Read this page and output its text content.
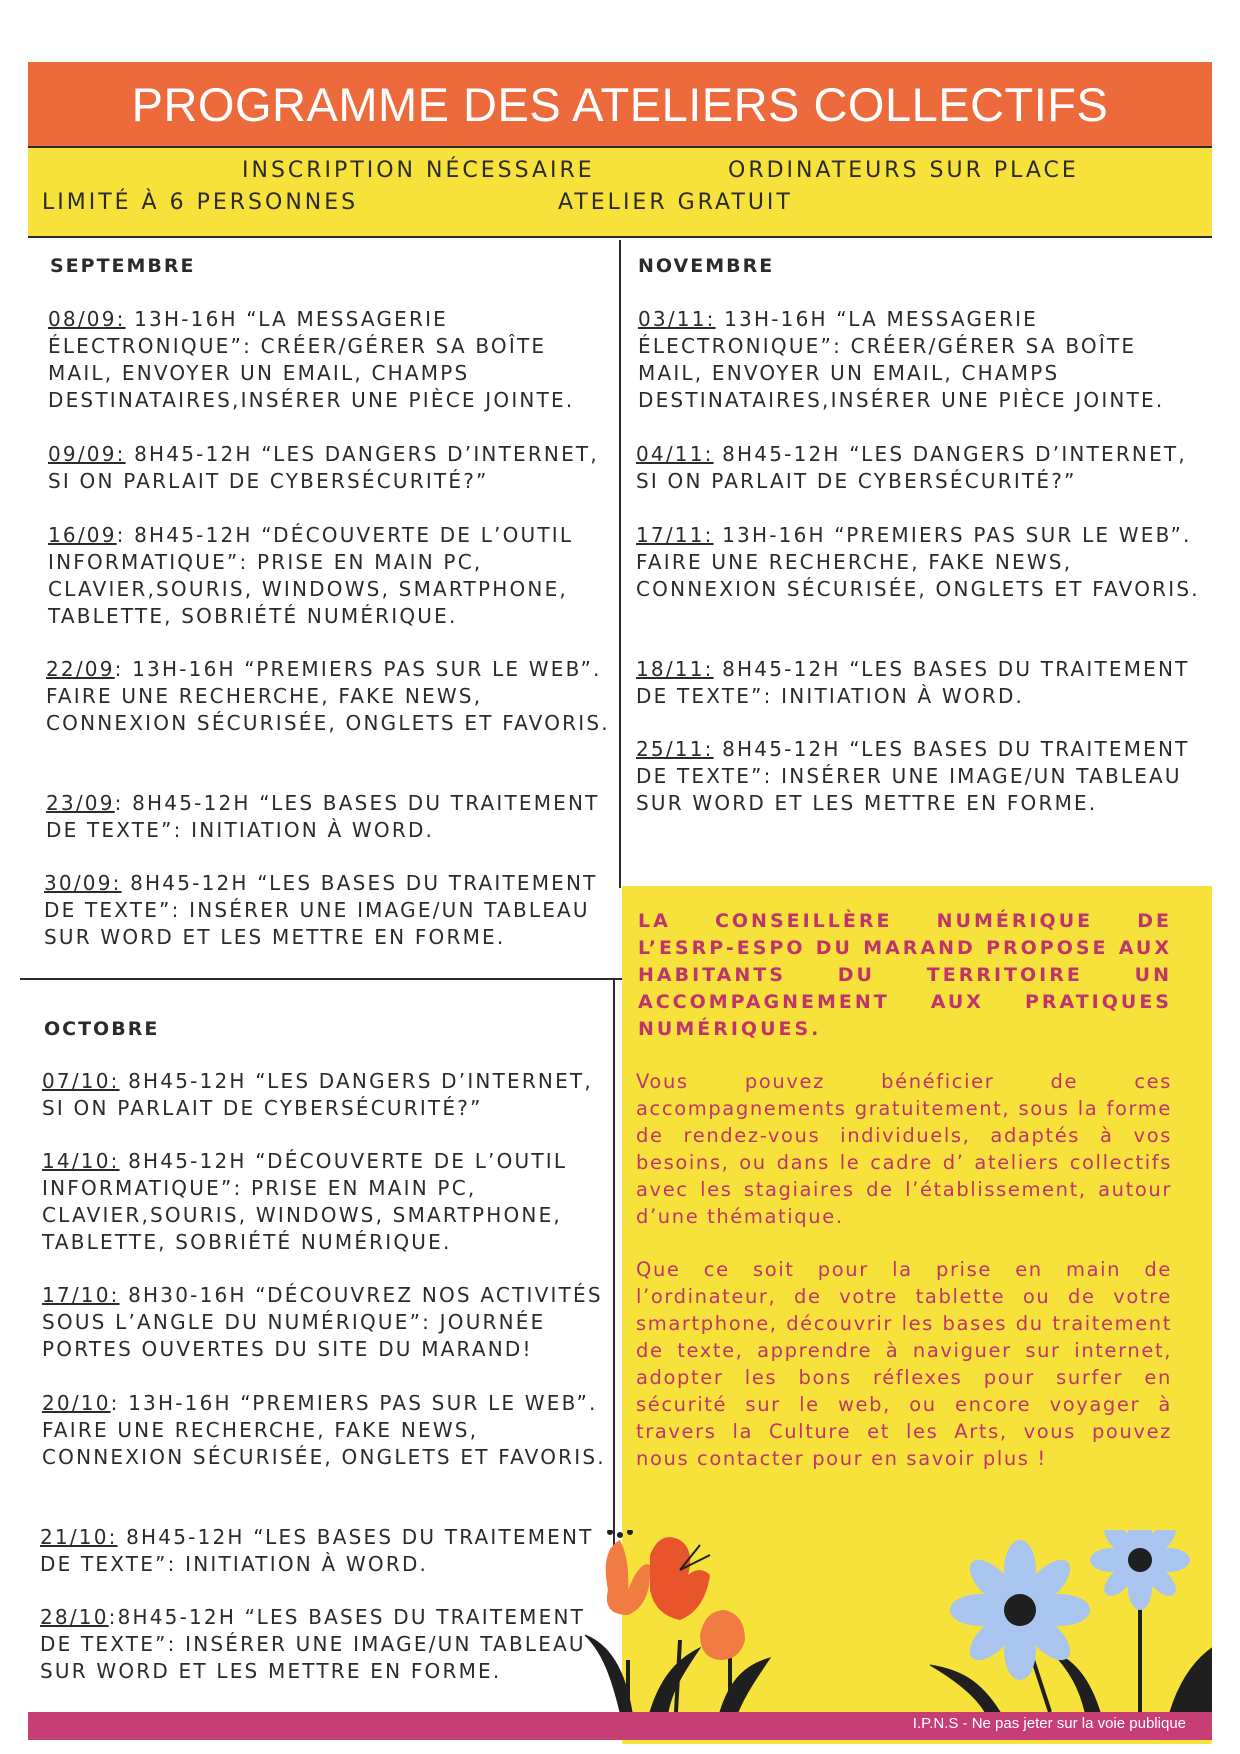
PROGRAMME DES ATELIERS COLLECTIFS
INSCRIPTION NÉCESSAIRE	ORDINATEURS SUR PLACE
LIMITÉ À 6 PERSONNES	ATELIER GRATUIT
SEPTEMBRE
08/09: 13H-16H “LA MESSAGERIE ÉLECTRONIQUE”: CRÉER/GÉRER SA BOÎTE MAIL, ENVOYER UN EMAIL, CHAMPS DESTINATAIRES,INSÉRER UNE PIÈCE JOINTE.
09/09: 8H45-12H “LES DANGERS D’INTERNET, SI ON PARLAIT DE CYBERSÉCURITÉ?”
16/09: 8H45-12H “DÉCOUVERTE DE L’OUTIL INFORMATIQUE”: PRISE EN MAIN PC, CLAVIER,SOURIS, WINDOWS, SMARTPHONE, TABLETTE, SOBRIÉTÉ NUMÉRIQUE.
22/09: 13H-16H “PREMIERS PAS SUR LE WEB”. FAIRE UNE RECHERCHE, FAKE NEWS, CONNEXION SÉCURISÉE, ONGLETS ET FAVORIS.
23/09: 8H45-12H “LES BASES DU TRAITEMENT DE TEXTE”: INITIATION À WORD.
30/09: 8H45-12H “LES BASES DU TRAITEMENT DE TEXTE”: INSÉRER UNE IMAGE/UN TABLEAU SUR WORD ET LES METTRE EN FORME.
OCTOBRE
07/10: 8H45-12H “LES DANGERS D’INTERNET, SI ON PARLAIT DE CYBERSÉCURITÉ?”
14/10: 8H45-12H “DÉCOUVERTE DE L’OUTIL INFORMATIQUE”: PRISE EN MAIN PC, CLAVIER,SOURIS, WINDOWS, SMARTPHONE, TABLETTE, SOBRIÉTÉ NUMÉRIQUE.
17/10: 8H30-16H “DÉCOUVREZ NOS ACTIVITÉS SOUS L’ANGLE DU NUMÉRIQUE”: JOURNÉE PORTES OUVERTES DU SITE DU MARAND!
20/10: 13H-16H “PREMIERS PAS SUR LE WEB”. FAIRE UNE RECHERCHE, FAKE NEWS, CONNEXION SÉCURISÉE, ONGLETS ET FAVORIS.
21/10: 8H45-12H “LES BASES DU TRAITEMENT DE TEXTE”: INITIATION À WORD.
28/10:8H45-12H “LES BASES DU TRAITEMENT DE TEXTE”: INSÉRER UNE IMAGE/UN TABLEAU SUR WORD ET LES METTRE EN FORME.
NOVEMBRE
03/11: 13H-16H “LA MESSAGERIE ÉLECTRONIQUE”: CRÉER/GÉRER SA BOÎTE MAIL, ENVOYER UN EMAIL, CHAMPS DESTINATAIRES,INSÉRER UNE PIÈCE JOINTE.
04/11: 8H45-12H “LES DANGERS D’INTERNET, SI ON PARLAIT DE CYBERSÉCURITÉ?”
17/11: 13H-16H “PREMIERS PAS SUR LE WEB”. FAIRE UNE RECHERCHE, FAKE NEWS, CONNEXION SÉCURISÉE, ONGLETS ET FAVORIS.
18/11: 8H45-12H “LES BASES DU TRAITEMENT DE TEXTE”: INITIATION À WORD.
25/11: 8H45-12H “LES BASES DU TRAITEMENT DE TEXTE”: INSÉRER UNE IMAGE/UN TABLEAU SUR WORD ET LES METTRE EN FORME.
LA CONSEILLÈRE NUMÉRIQUE DE L’ESRP-ESPO DU MARAND PROPOSE AUX HABITANTS DU TERRITOIRE UN ACCOMPAGNEMENT AUX PRATIQUES NUMÉRIQUES.
Vous pouvez bénéficier de ces accompagnements gratuitement, sous la forme de rendez-vous individuels, adaptés à vos besoins, ou dans le cadre d’ ateliers collectifs avec les stagiaires de l’établissement, autour d’une thématique.
Que ce soit pour la prise en main de l’ordinateur, de votre tablette ou de votre smartphone, découvrir les bases du traitement de texte, apprendre à naviguer sur internet, adopter les bons réflexes pour surfer en sécurité sur le web, ou encore voyager à travers la Culture et les Arts, vous pouvez nous contacter pour en savoir plus !
I.P.N.S - Ne pas jeter sur la voie publique
